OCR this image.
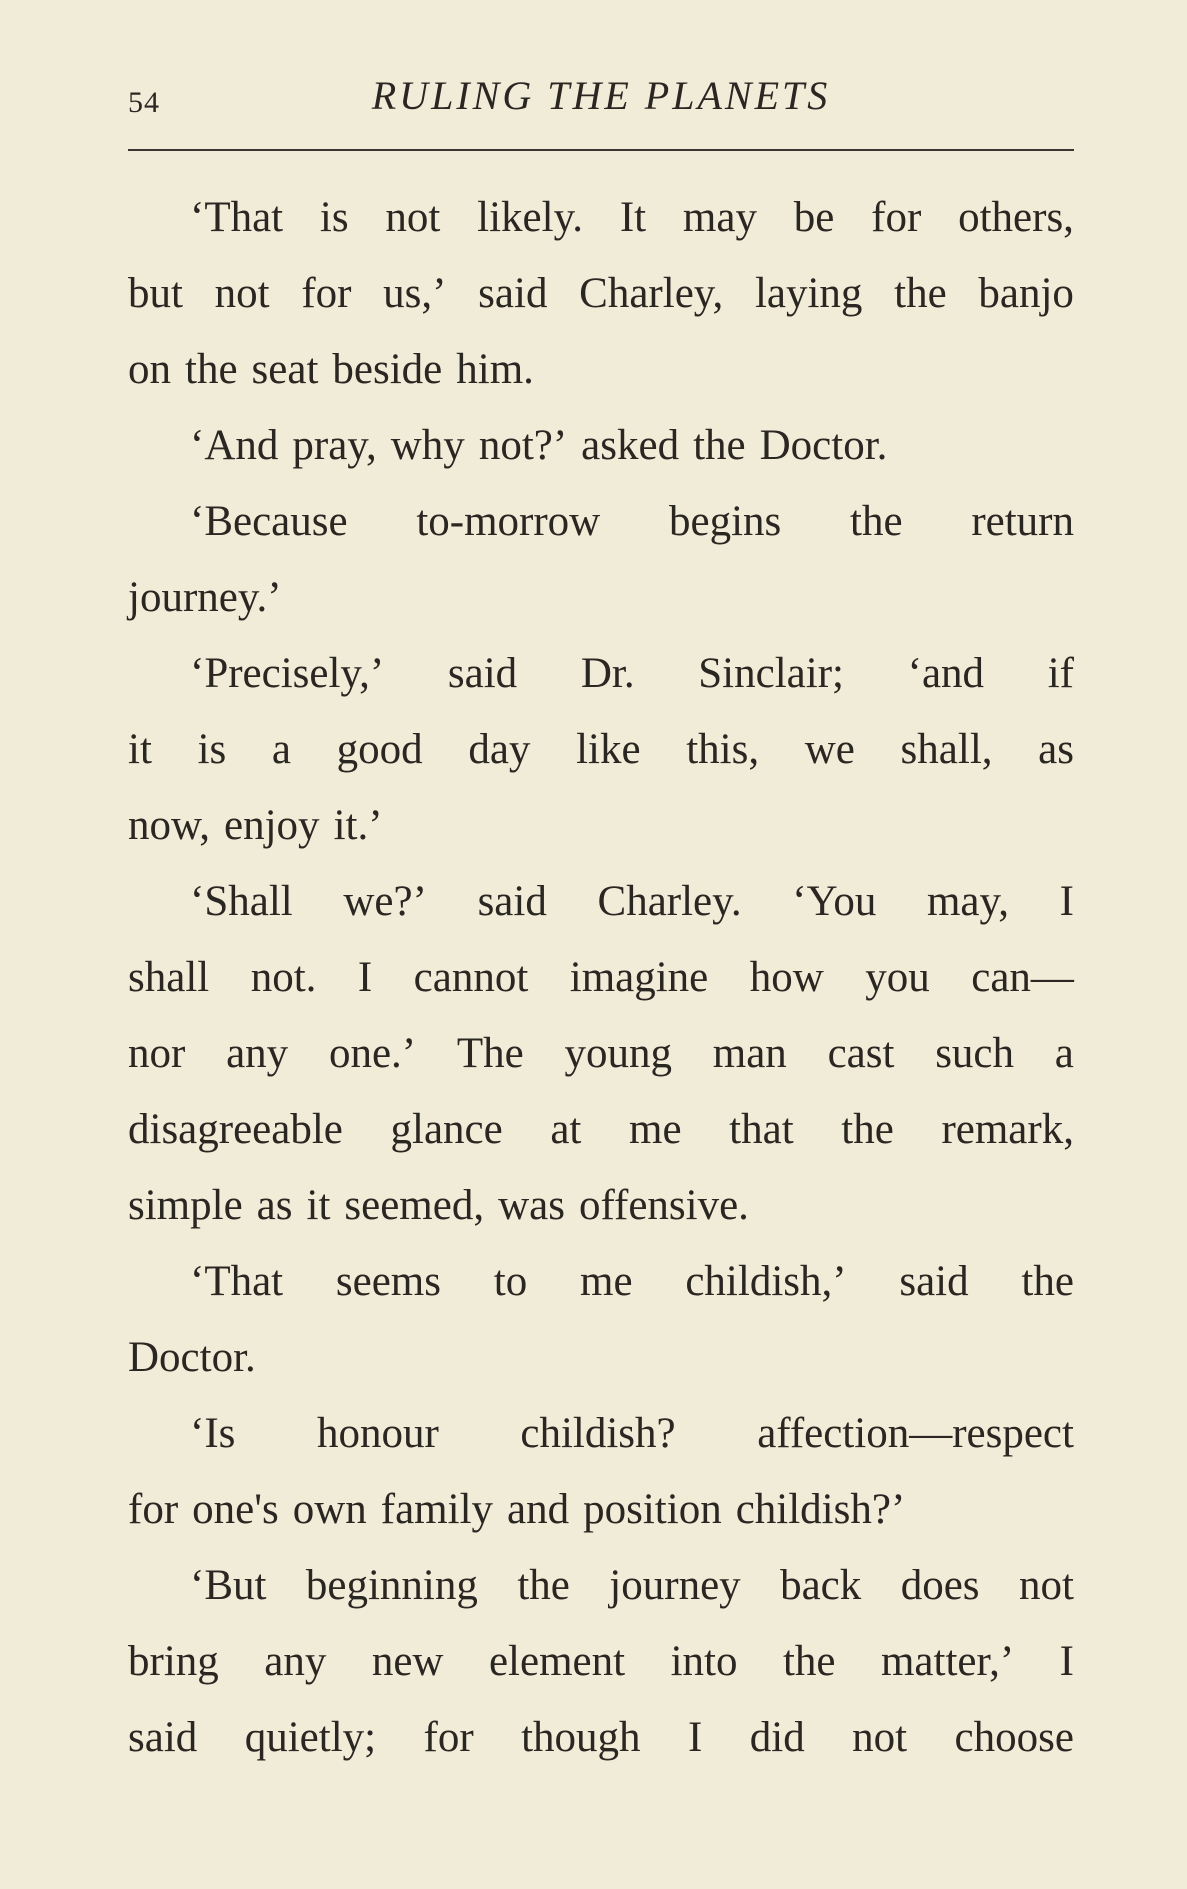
54	RULING THE PLANETS
‘That is not likely. It may be for others,
but not for us,’ said Charley, laying the banjo
on the seat beside him.
‘And pray, why not?’ asked the Doctor.
‘Because to-morrow begins the return
journey.’
‘Precisely,’ said Dr. Sinclair; ‘and if
it is a good day like this, we shall, as
now, enjoy it.’
‘Shall we?’ said Charley. ‘You may, I
shall not. I cannot imagine how you can—
nor any one.’ The young man cast such a
disagreeable glance at me that the remark,
simple as it seemed, was offensive.
‘That seems to me childish,’ said the
Doctor.
‘Is honour childish? affection—respect
for one's own family and position childish?’
‘But beginning the journey back does not
bring any new element into the matter,’ I
said quietly; for though I did not choose
